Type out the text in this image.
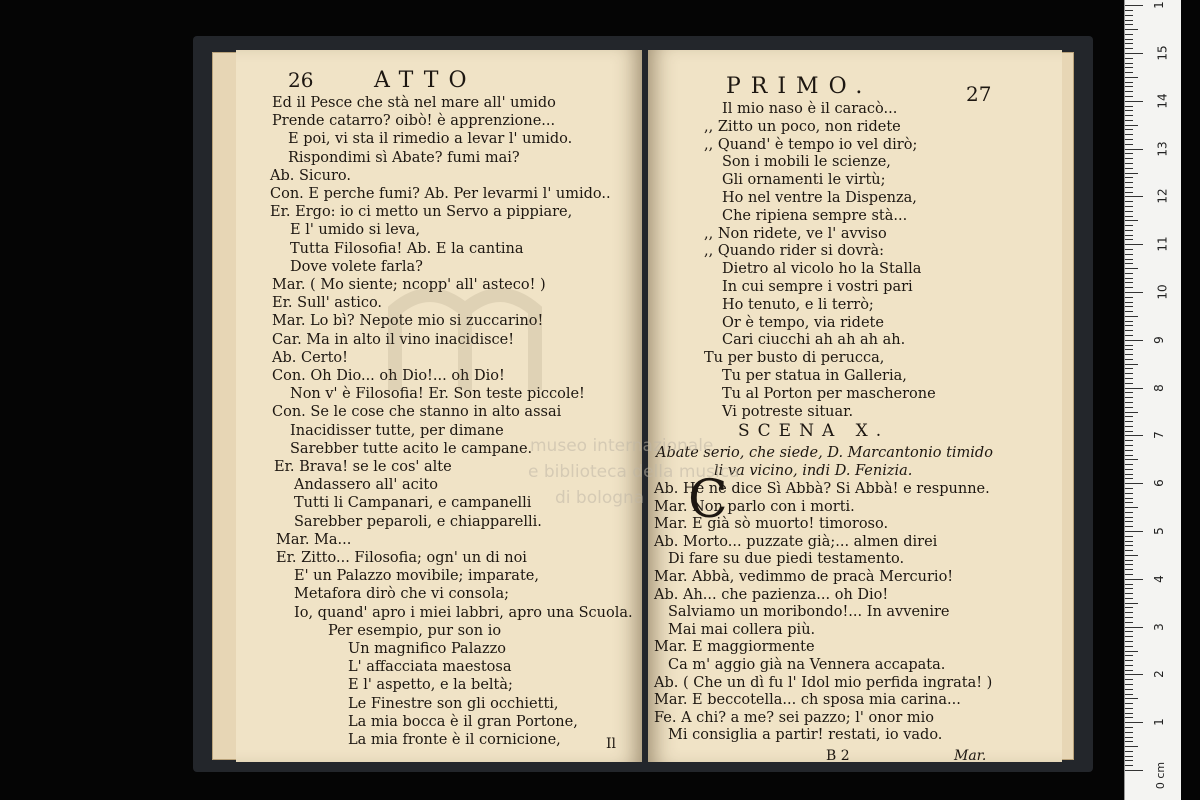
26	ATTO
Ed il Pesce che stà nel mare all' umido
Prende catarro? oibò! è apprenzione...
E poi, vi sta il rimedio a levar l' umido.
Rispondimi sì Abate? fumi mai?
Ab. Sicuro.
Con. E perche fumi? Ab. Per levarmi l' umido..
Er. Ergo: io ci metto un Servo a pippiare,
E l' umido si leva,
Tutta Filosofia! Ab. E la cantina
Dove volete farla?
Mar. ( Mo siente; ncopp' all' asteco! )
Er. Sull' astico.
Mar. Lo bì? Nepote mio si zuccarino!
Car. Ma in alto il vino inacidisce!
Ab. Certo!
Con. Oh Dio... oh Dio!... oh Dio!
Non v' è Filosofia! Er. Son teste piccole!
Con. Se le cose che stanno in alto assai
Inacidisser tutte, per dimane
Sarebber tutte acito le campane.
Er. Brava! se le cos' alte
Andassero all' acito
Tutti li Campanari, e campanelli
Sarebber peparoli, e chiapparelli.
Mar. Ma...
Er. Zitto... Filosofia; ogn' un di noi
E' un Palazzo movibile; imparate,
Metafora dirò che vi consola;
Io, quand' apro i miei labbri, apro una Scuola.
Per esempio, pur son io
Un magnifico Palazzo
L' affacciata maestosa
E l' aspetto, e la beltà;
Le Finestre son gli occhietti,
La mia bocca è il gran Portone,
La mia fronte è il cornicione,	Il
PRIMO.	27
Il mio naso è il caracò...
,, Zitto un poco, non ridete
,, Quand' è tempo io vel dirò;
Son i mobili le scienze,
Gli ornamenti le virtù;
Ho nel ventre la Dispenza,
Che ripiena sempre stà...
,, Non ridete, ve l' avviso
,, Quando rider si dovrà:
Dietro al vicolo ho la Stalla
In cui sempre i vostri pari
Ho tenuto, e li terrò;
Or è tempo, via ridete
Cari ciucchi ah ah ah ah.
Tu per busto di perucca,
Tu per statua in Galleria,
Tu al Porton per mascherone
Vi potreste situar.
SCENA X.
Abate serio, che siede, D. Marcantonio timido
li va vicino, indi D. Fenizia.
C
Ab. He ne dice Sì Abbà? Si Abbà! e respunne.
Mar. Non parlo con i morti.
Mar. E già sò muorto! timoroso.
Ab. Morto... puzzate già;... almen direi
Di fare su due piedi testamento.
Mar. Abbà, vedimmo de pracà Mercurio!
Ab. Ah... che pazienza... oh Dio!
Salviamo un moribondo!... In avvenire
Mai mai collera più.
Mar. E maggiormente
Ca m' aggio già na Vennera accapata.
Ab. ( Che un dì fu l' Idol mio perfida ingrata! )
Mar. E beccotella... ch sposa mia carina...
Fe. A chi? a me? sei pazzo; l' onor mio
Mi consiglia a partir! restati, io vado.
B 2	Mar.
museo internazionale
e biblioteca della musica
di bologna
1
2
3
4
5
6
7
8
9
10
11
12
13
14
15
1
0 cm
